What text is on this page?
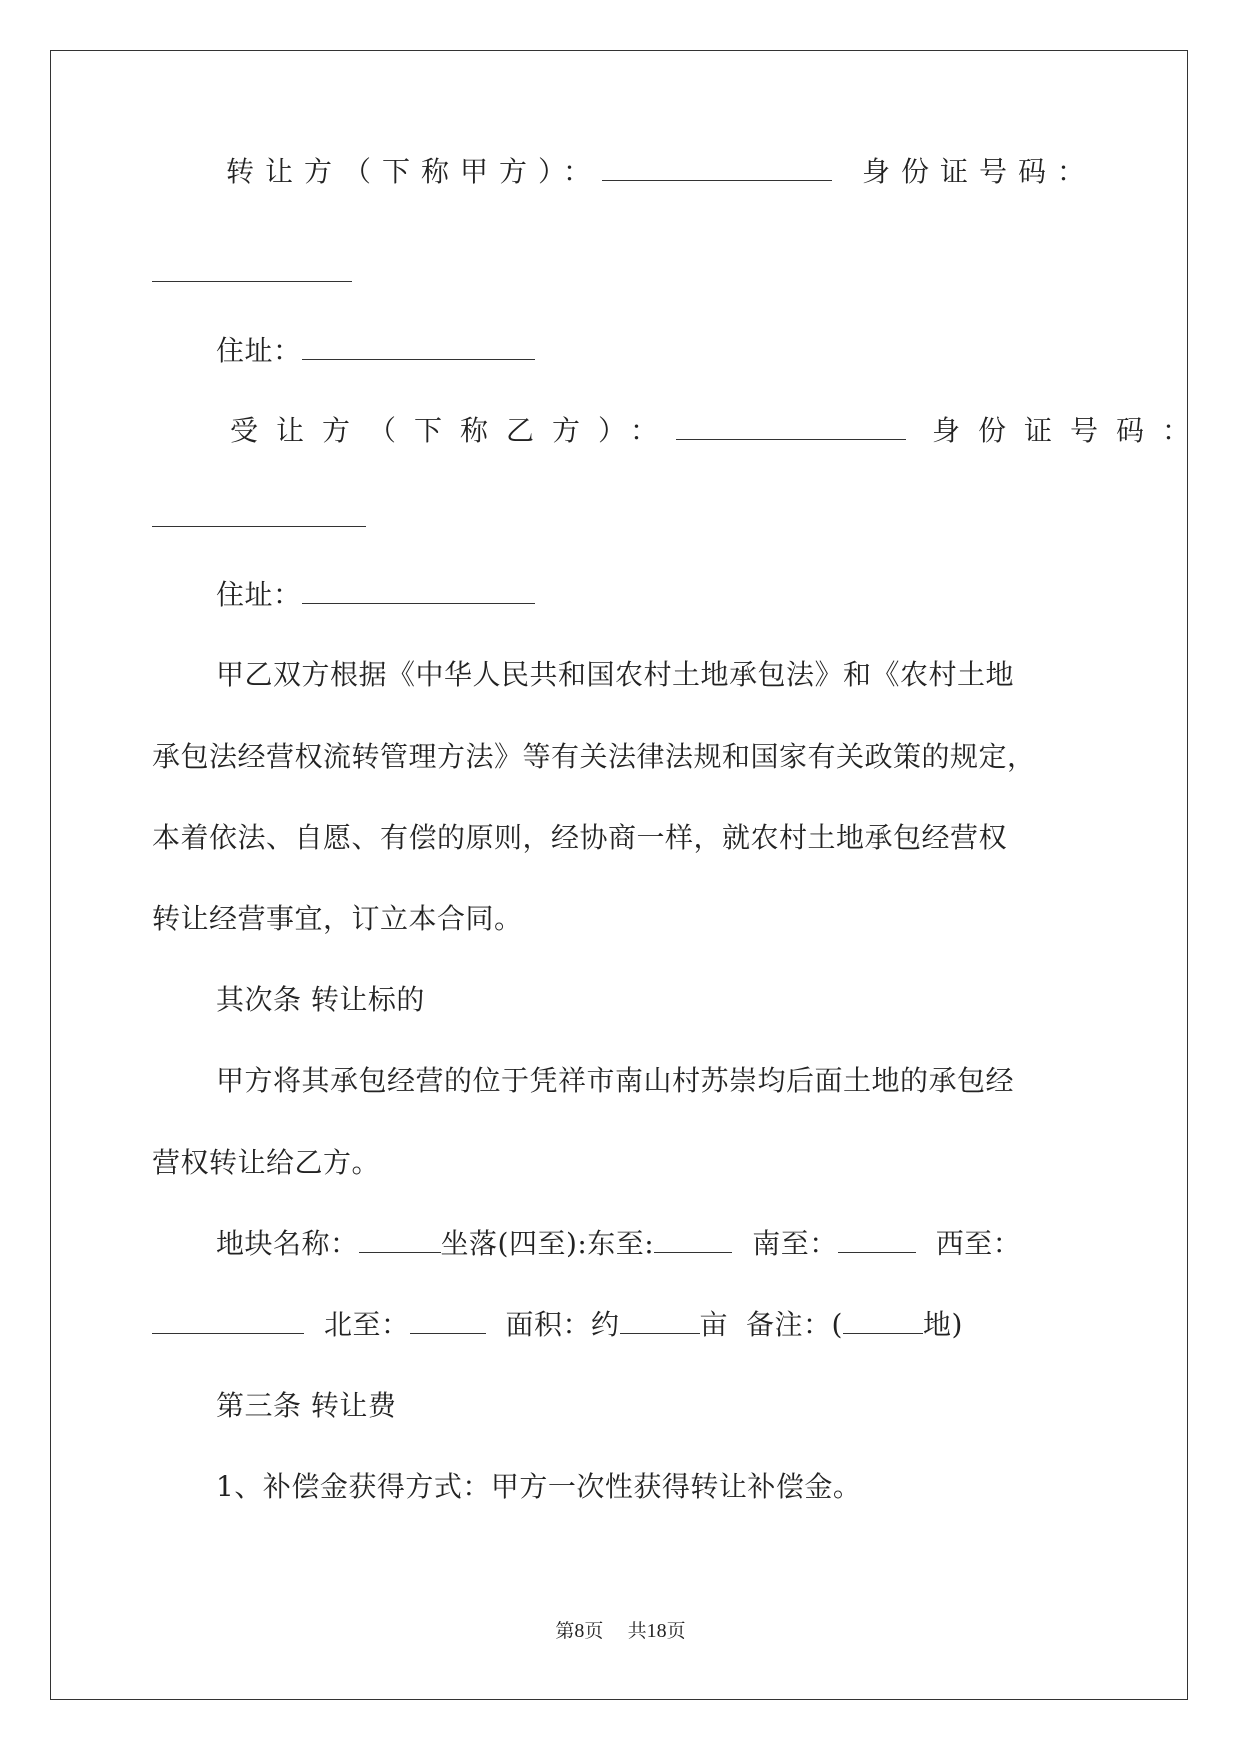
转让方（下称甲方）：	身份证号码：
住址：
受让方（下称乙方）：	身份证号码：
住址：
甲乙双方根据《中华人民共和国农村土地承包法》和《农村土地
承包法经营权流转管理方法》等有关法律法规和国家有关政策的规定，
本着依法、自愿、有偿的原则，经协商一样，就农村土地承包经营权
转让经营事宜，订立本合同。
其次条 转让标的
甲方将其承包经营的位于凭祥市南山村苏崇均后面土地的承包经
营权转让给乙方。
地块名称：	坐落(四至):东至:	南至：	西至：
北至：	面积：约	亩 备注：(	地)
第三条 转让费
1、补偿金获得方式：甲方一次性获得转让补偿金。
第8页    共18页
